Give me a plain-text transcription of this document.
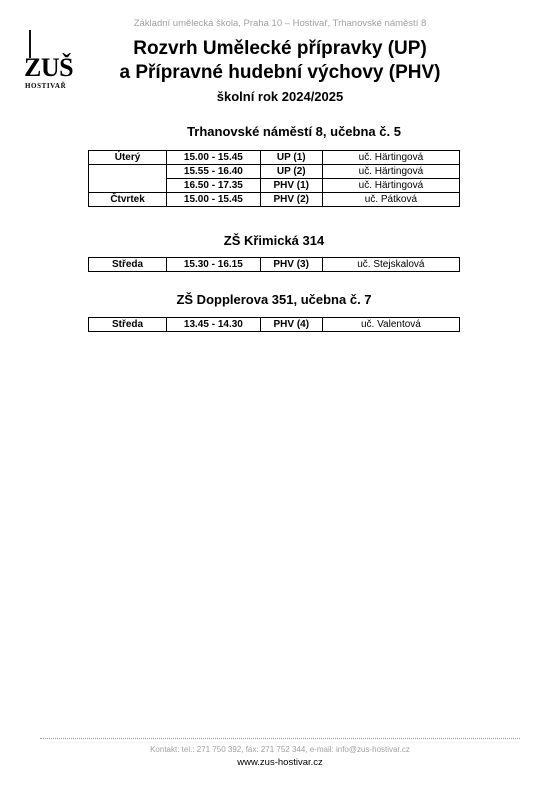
Základní umělecká škola, Praha 10 – Hostivař, Trhanovské náměstí 8
ZUŠ
HOSTIVAŘ
Rozvrh Umělecké přípravky (UP)
a Přípravné hudební výchovy (PHV)
školní rok 2024/2025
Trhanovské náměstí 8, učebna č. 5
Úterý	15.00 - 15.45	UP (1)	uč. Härtingová
	15.55 - 16.40	UP (2)	uč. Härtingová
	16.50 - 17.35	PHV (1)	uč. Härtingová
Čtvrtek	15.00 - 15.45	PHV (2)	uč. Pátková
ZŠ Křimická 314
Středa	15.30 - 16.15	PHV (3)	uč. Stejskalová
ZŠ Dopplerova 351, učebna č. 7
Středa	13.45 - 14.30	PHV (4)	uč. Valentová
Kontakt: tel.: 271 750 392, fax: 271 752 344, e-mail: info@zus-hostivar.cz
www.zus-hostivar.cz
